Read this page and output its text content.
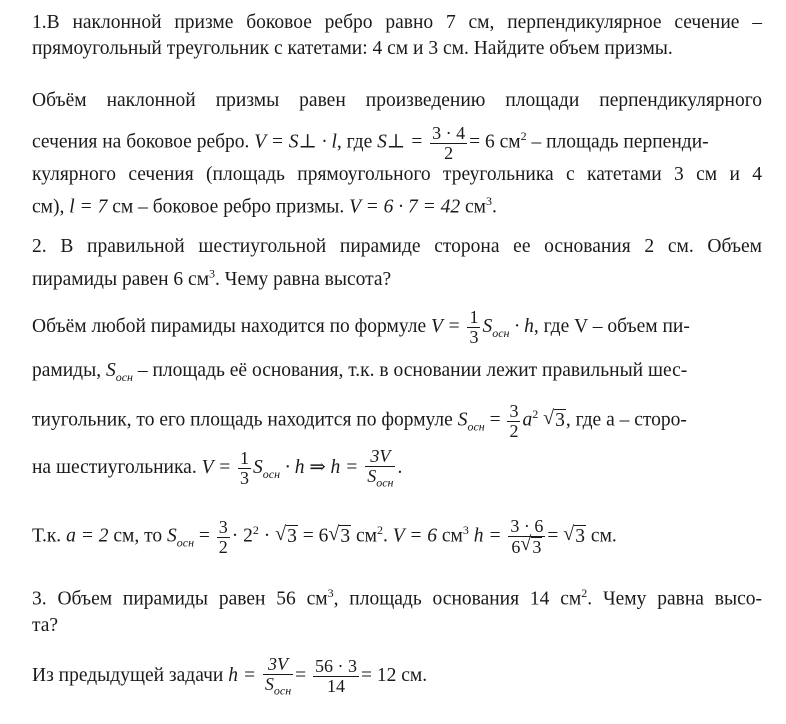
1.В наклонной призме боковое ребро равно 7 см, перпендикулярное сечение –
прямоугольный треугольник с катетами: 4 см и 3 см. Найдите объем призмы.
Объём наклонной призмы равен произведению площади перпендикулярного
сечения на боковое ребро. V = S⊥ · l, где S⊥ = $\frac{3 \cdot 4}{2} = 6$ $см^2$ – площадь перпенди-
кулярного сечения (площадь прямоугольного треугольника с катетами 3 см и 4
см), l = 7 см – боковое ребро призмы. V = 6 · 7 = 42 $см^3$.
2. В правильной шестиугольной пирамиде сторона ее основания 2 см. Объем
пирамиды равен 6 $см^3$. Чему равна высота?
Объём любой пирамиды находится по формуле $V = \frac{1}{3} S_{осн} \cdot h$, где V – объем пи-
рамиды, $S_{осн}$ – площадь её основания, т.к. в основании лежит правильный шес-
тиугольник, то его площадь находится по формуле $S_{осн} = \frac{3}{2} a^2$ √ 3, где a – сторо-
на шестиугольника. $V = \frac{1}{3} S_{осн} \cdot h$ ⇒ $h = \frac{3V}{S_{осн}}$ .
Т.к. a = 2 см, то $S_{осн} = \frac{3}{2} \cdot 2^2$ · √ 3 = 6 √ 3 $см^2$. V = 6 $см^3$ $h = \frac{3 \cdot 6}{6 √ 3}$ = √ 3 см.
3. Объем пирамиды равен 56 $см^3$, площадь основания 14 $см^2$. Чему равна высо-
та?
Из предыдущей задачи $h = \frac{3V}{S_{осн}} = \frac{56 \cdot 3}{14} = 12$ см.
